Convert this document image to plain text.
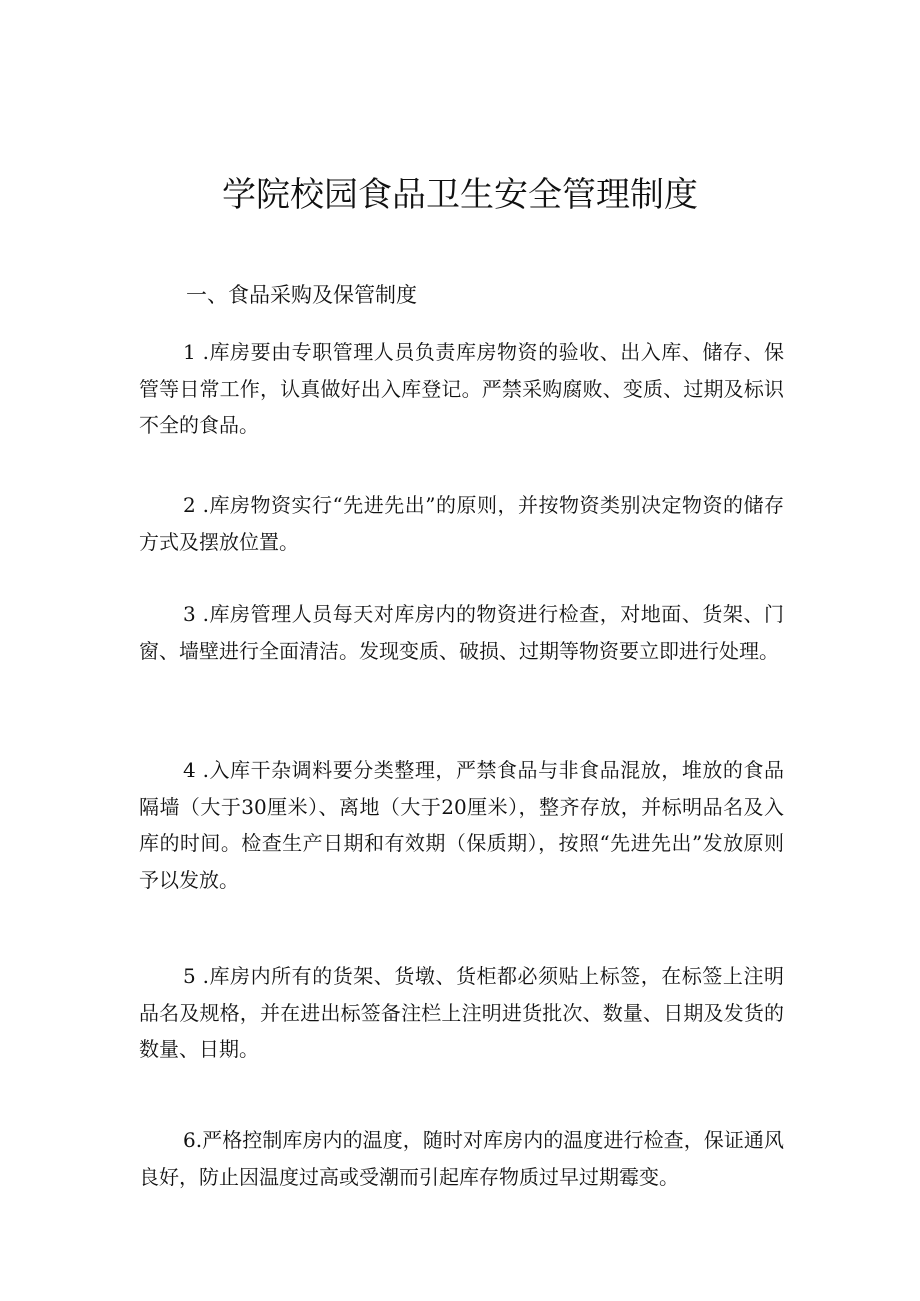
学院校园食品卫生安全管理制度
一、食品采购及保管制度

1 .库房要由专职管理人员负责库房物资的验收、出入库、储存、保管等日常工作，认真做好出入库登记。严禁采购腐败、变质、过期及标识不全的食品。

2 .库房物资实行“先进先出”的原则，并按物资类别决定物资的储存方式及摆放位置。

3 .库房管理人员每天对库房内的物资进行检查，对地面、货架、门窗、墙壁进行全面清洁。发现变质、破损、过期等物资要立即进行处理。

4 .入库干杂调料要分类整理，严禁食品与非食品混放，堆放的食品隔墙（大于30厘米）、离地（大于20厘米），整齐存放，并标明品名及入库的时间。检查生产日期和有效期（保质期），按照“先进先出”发放原则予以发放。

5 .库房内所有的货架、货墩、货柜都必须贴上标签，在标签上注明品名及规格，并在进出标签备注栏上注明进货批次、数量、日期及发货的数量、日期。

6.严格控制库房内的温度，随时对库房内的温度进行检查，保证通风良好，防止因温度过高或受潮而引起库存物质过早过期霉变。
